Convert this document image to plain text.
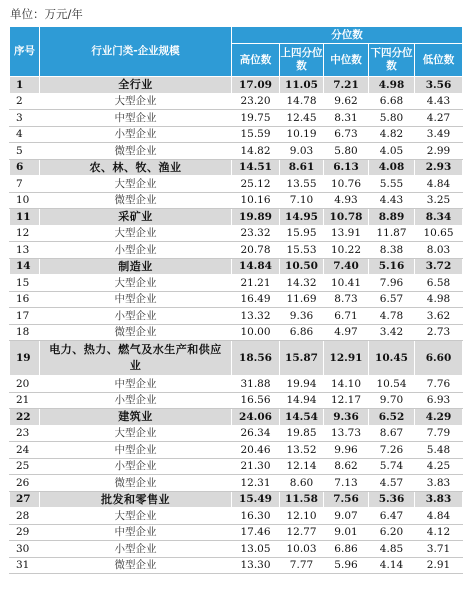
单位：万元/年
序号	行业门类-企业规模	分位数				
		高位数	上四分位数	中位数	下四分位数	低位数
1	全行业	17.09	11.05	7.21	4.98	3.56
2	大型企业	23.20	14.78	9.62	6.68	4.43
3	中型企业	19.75	12.45	8.31	5.80	4.27
4	小型企业	15.59	10.19	6.73	4.82	3.49
5	微型企业	14.82	9.03	5.80	4.05	2.99
6	农、林、牧、渔业	14.51	8.61	6.13	4.08	2.93
7	大型企业	25.12	13.55	10.76	5.55	4.84
10	微型企业	10.16	7.10	4.93	4.43	3.25
11	采矿业	19.89	14.95	10.78	8.89	8.34
12	大型企业	23.32	15.95	13.91	11.87	10.65
13	小型企业	20.78	15.53	10.22	8.38	8.03
14	制造业	14.84	10.50	7.40	5.16	3.72
15	大型企业	21.21	14.32	10.41	7.96	6.58
16	中型企业	16.49	11.69	8.73	6.57	4.98
17	小型企业	13.32	9.36	6.71	4.78	3.62
18	微型企业	10.00	6.86	4.97	3.42	2.73
19	电力、热力、燃气及水生产和供应业	18.56	15.87	12.91	10.45	6.60
20	中型企业	31.88	19.94	14.10	10.54	7.76
21	小型企业	16.56	14.94	12.17	9.70	6.93
22	建筑业	24.06	14.54	9.36	6.52	4.29
23	大型企业	26.34	19.85	13.73	8.67	7.79
24	中型企业	20.46	13.52	9.96	7.26	5.48
25	小型企业	21.30	12.14	8.62	5.74	4.25
26	微型企业	12.31	8.60	7.13	4.57	3.83
27	批发和零售业	15.49	11.58	7.56	5.36	3.83
28	大型企业	16.30	12.10	9.07	6.47	4.84
29	中型企业	17.46	12.77	9.01	6.20	4.12
30	小型企业	13.05	10.03	6.86	4.85	3.71
31	微型企业	13.30	7.77	5.96	4.14	2.91
